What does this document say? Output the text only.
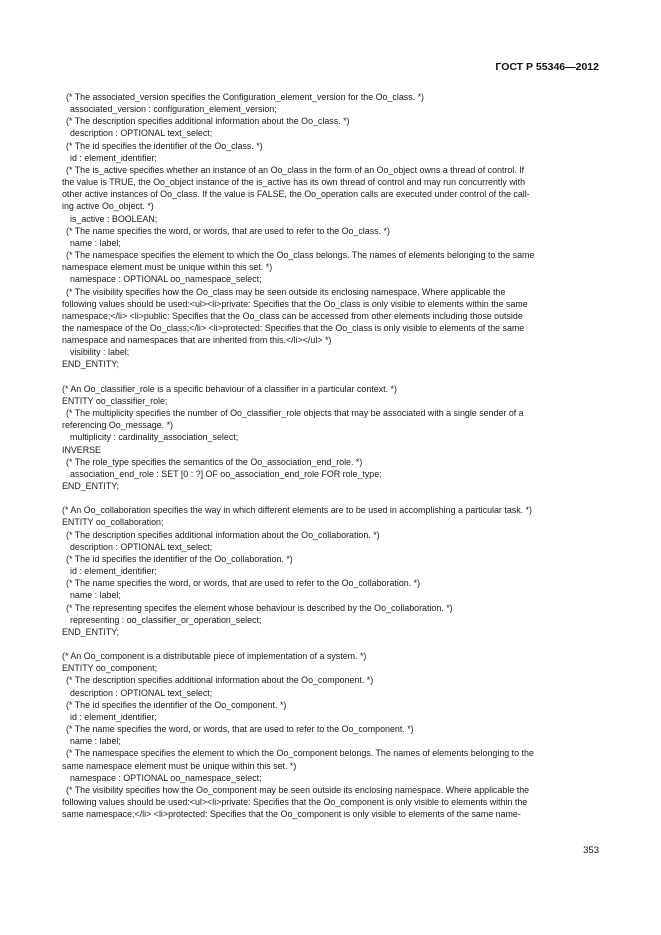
ГОСТ Р 55346—2012
(* The associated_version specifies the Configuration_element_version for the Oo_class. *)
associated_version : configuration_element_version;
(* The description specifies additional information about the Oo_class. *)
description : OPTIONAL text_select;
(* The id specifies the identifier of the Oo_class. *)
id : element_identifier;
(* The is_active specifies whether an instance of an Oo_class in the form of an Oo_object owns a thread of control. If
the value is TRUE, the Oo_object instance of the is_active has its own thread of control and may run concurrently with
other active instances of Oo_class. If the value is FALSE, the Oo_operation calls are executed under control of the call-
ing active Oo_object. *)
is_active : BOOLEAN;
(* The name specifies the word, or words, that are used to refer to the Oo_class. *)
name : label;
(* The namespace specifies the element to which the Oo_class belongs. The names of elements belonging to the same
namespace element must be unique within this set. *)
namespace : OPTIONAL oo_namespace_select;
(* The visibility specifies how the Oo_class may be seen outside its enclosing namespace. Where applicable the
following values should be used:<ul><li>private: Specifies that the Oo_class is only visible to elements within the same
namespace;</li> <li>public: Specifies that the Oo_class can be accessed from other elements including those outside
the namespace of the Oo_class;</li> <li>protected: Specifies that the Oo_class is only visible to elements of the same
namespace and namespaces that are inherited from this.</li></ul> *)
visibility : label;
END_ENTITY;
(* An Oo_classifier_role is a specific behaviour of a classifier in a particular context. *)
ENTITY oo_classifier_role;
(* The multiplicity specifies the number of Oo_classifier_role objects that may be associated with a single sender of a
referencing Oo_message. *)
multiplicity : cardinality_association_select;
INVERSE
(* The role_type specifies the semantics of the Oo_association_end_role. *)
association_end_role : SET [0 : ?] OF oo_association_end_role FOR role_type;
END_ENTITY;
(* An Oo_collaboration specifies the way in which different elements are to be used in accomplishing a particular task. *)
ENTITY oo_collaboration;
(* The description specifies additional information about the Oo_collaboration. *)
description : OPTIONAL text_select;
(* The id specifies the identifier of the Oo_collaboration. *)
id : element_identifier;
(* The name specifies the word, or words, that are used to refer to the Oo_collaboration. *)
name : label;
(* The representing specifes the element whose behaviour is described by the Oo_collaboration. *)
representing : oo_classifier_or_operation_select;
END_ENTITY;
(* An Oo_component is a distributable piece of implementation of a system. *)
ENTITY oo_component;
(* The description specifies additional information about the Oo_component. *)
description : OPTIONAL text_select;
(* The id specifies the identifier of the Oo_component. *)
id : element_identifier;
(* The name specifies the word, or words, that are used to refer to the Oo_component. *)
name : label;
(* The namespace specifies the element to which the Oo_component belongs. The names of elements belonging to the
same namespace element must be unique within this set. *)
namespace : OPTIONAL oo_namespace_select;
(* The visibility specifies how the Oo_component may be seen outside its enclosing namespace. Where applicable the
following values should be used:<ul><li>private: Specifies that the Oo_component is only visible to elements within the
same namespace;</li> <li>protected: Specifies that the Oo_component is only visible to elements of the same name-
353
